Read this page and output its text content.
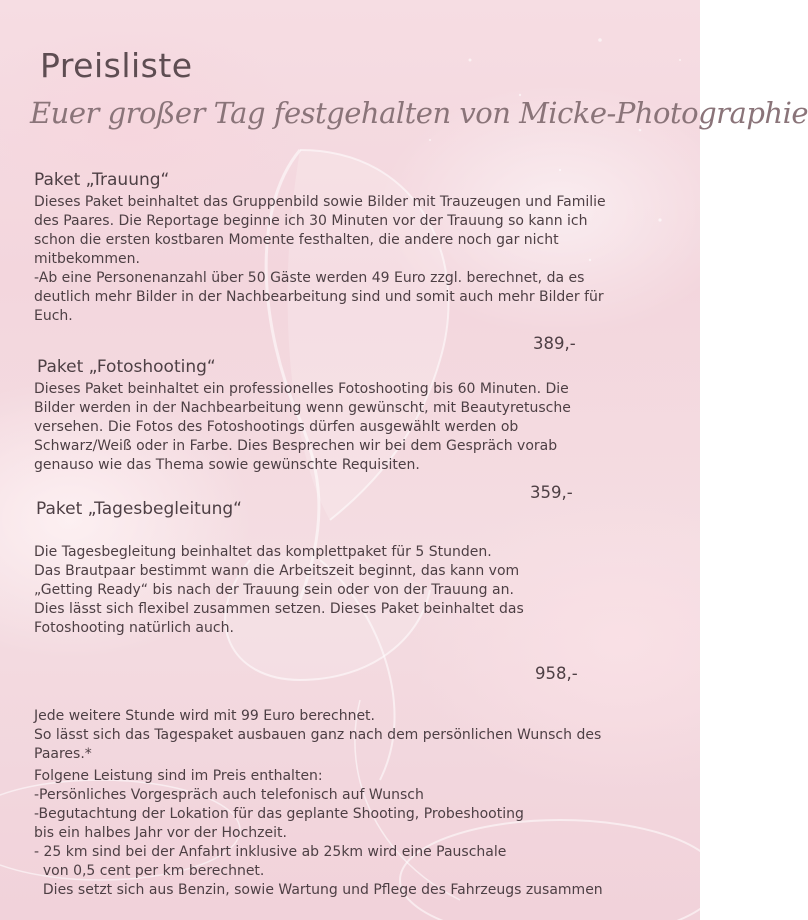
Preisliste

Euer großer Tag festgehalten von Micke-Photographie

Paket „Trauung“
Dieses Paket beinhaltet das Gruppenbild sowie Bilder mit Trauzeugen und Familie
des Paares. Die Reportage beginne ich 30 Minuten vor der Trauung so kann ich
schon die ersten kostbaren Momente festhalten, die andere noch gar nicht
mitbekommen.
-Ab eine Personenanzahl über 50 Gäste werden 49 Euro zzgl. berechnet, da es
deutlich mehr Bilder in der Nachbearbeitung sind und somit auch mehr Bilder für
Euch.
389,-
Paket „Fotoshooting“
Dieses Paket beinhaltet ein professionelles Fotoshooting bis 60 Minuten. Die
Bilder werden in der Nachbearbeitung wenn gewünscht, mit Beautyretusche
versehen. Die Fotos des Fotoshootings dürfen ausgewählt werden ob
Schwarz/Weiß oder in Farbe. Dies Besprechen wir bei dem Gespräch vorab
genauso wie das Thema sowie gewünschte Requisiten.
359,-
Paket „Tagesbegleitung“
Die Tagesbegleitung beinhaltet das komplettpaket für 5 Stunden.
Das Brautpaar bestimmt wann die Arbeitszeit beginnt, das kann vom
„Getting Ready“ bis nach der Trauung sein oder von der Trauung an.
Dies lässt sich flexibel zusammen setzen. Dieses Paket beinhaltet das
Fotoshooting natürlich auch.
958,-
Jede weitere Stunde wird mit 99 Euro berechnet.
So lässt sich das Tagespaket ausbauen ganz nach dem persönlichen Wunsch des
Paares.*
Folgene Leistung sind im Preis enthalten:
-Persönliches Vorgespräch auch telefonisch auf Wunsch
-Begutachtung der Lokation für das geplante Shooting, Probeshooting
bis ein halbes Jahr vor der Hochzeit.
- 25 km sind bei der Anfahrt inklusive ab 25km wird eine Pauschale
von 0,5 cent per km berechnet.
Dies setzt sich aus Benzin, sowie Wartung und Pflege des Fahrzeugs zusammen
